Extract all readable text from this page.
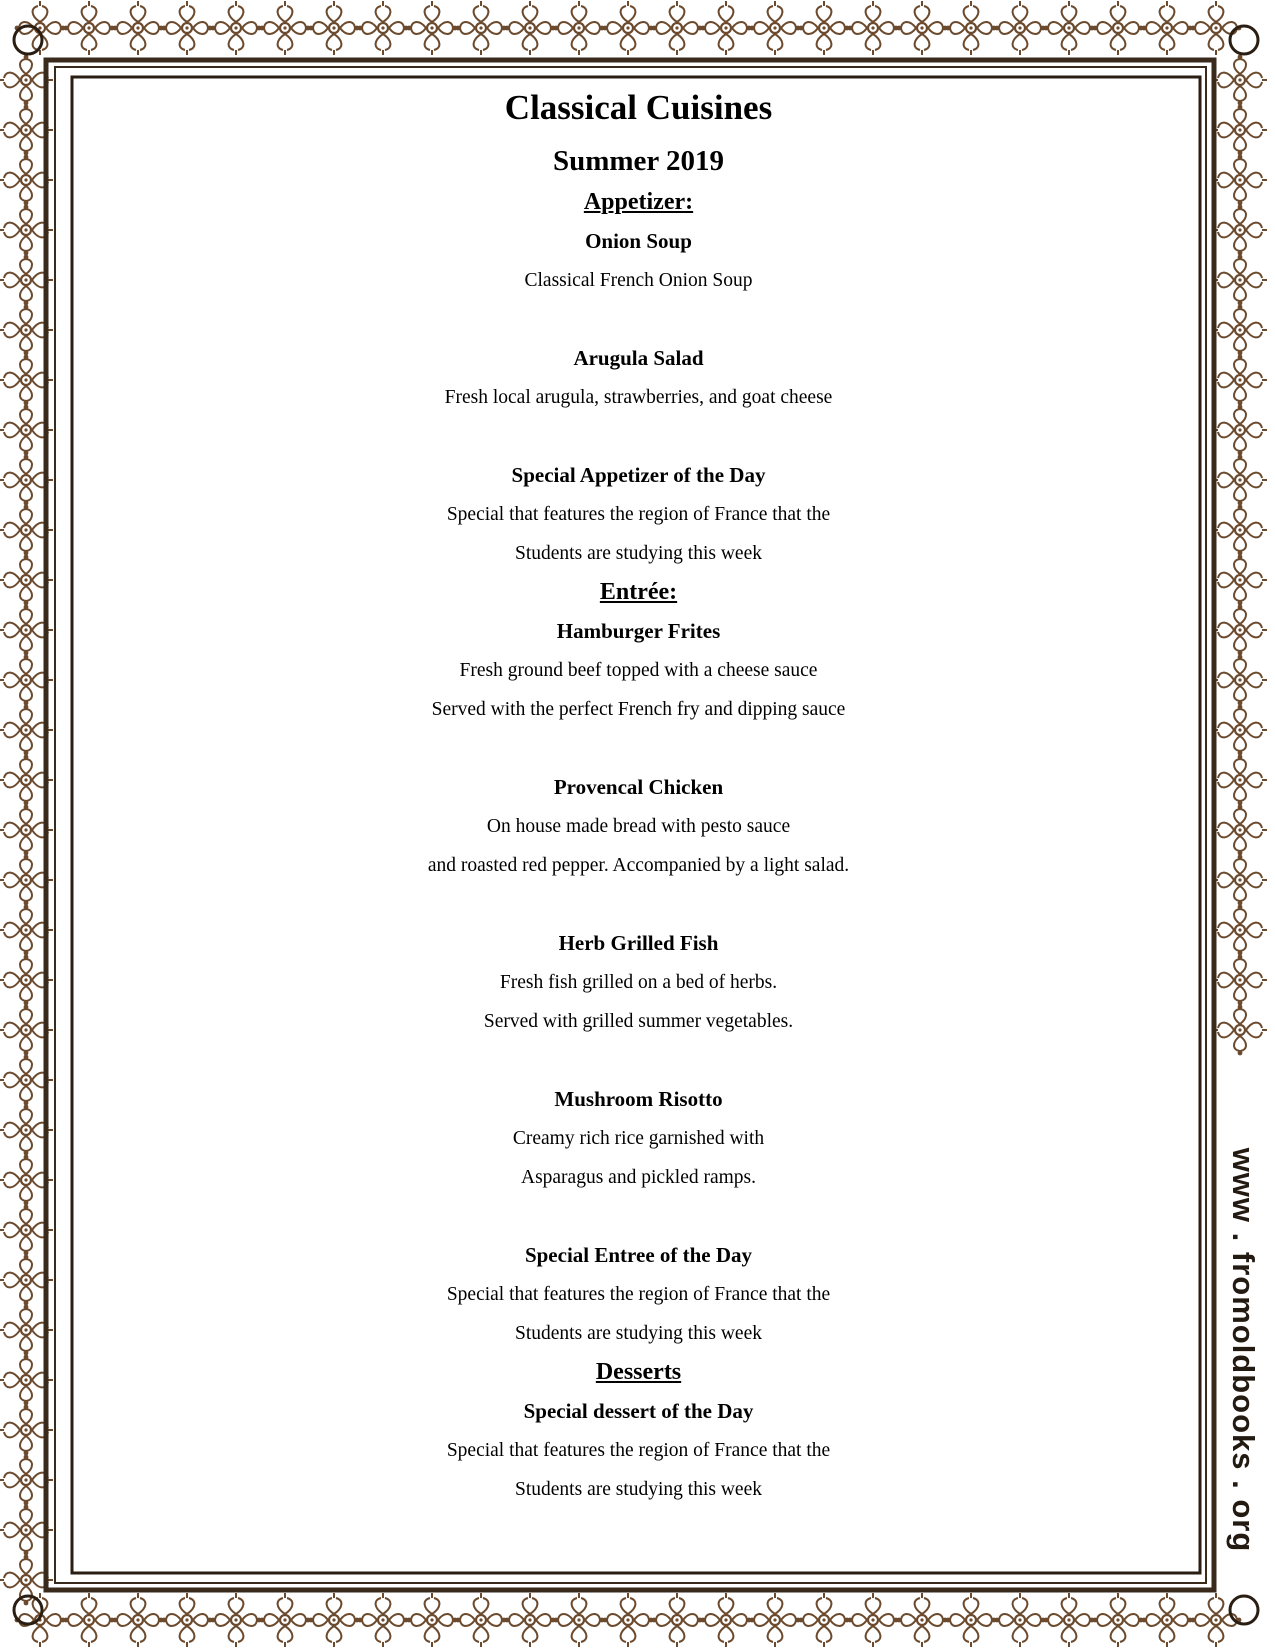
www . fromoldbooks . org
Classical Cuisines
Summer 2019
Appetizer:
Onion Soup
Classical French Onion Soup
Arugula Salad
Fresh local arugula, strawberries, and goat cheese
Special Appetizer of the Day
Special that features the region of France that the
Students are studying this week
Entrée:
Hamburger Frites
Fresh ground beef topped with a cheese sauce
Served with the perfect French fry and dipping sauce
Provencal Chicken
On house made bread with pesto sauce
and roasted red pepper. Accompanied by a light salad.
Herb Grilled Fish
Fresh fish grilled on a bed of herbs.
Served with grilled summer vegetables.
Mushroom Risotto
Creamy rich rice garnished with
Asparagus and pickled ramps.
Special Entree of the Day
Special that features the region of France that the
Students are studying this week
Desserts
Special dessert of the Day
Special that features the region of France that the
Students are studying this week
